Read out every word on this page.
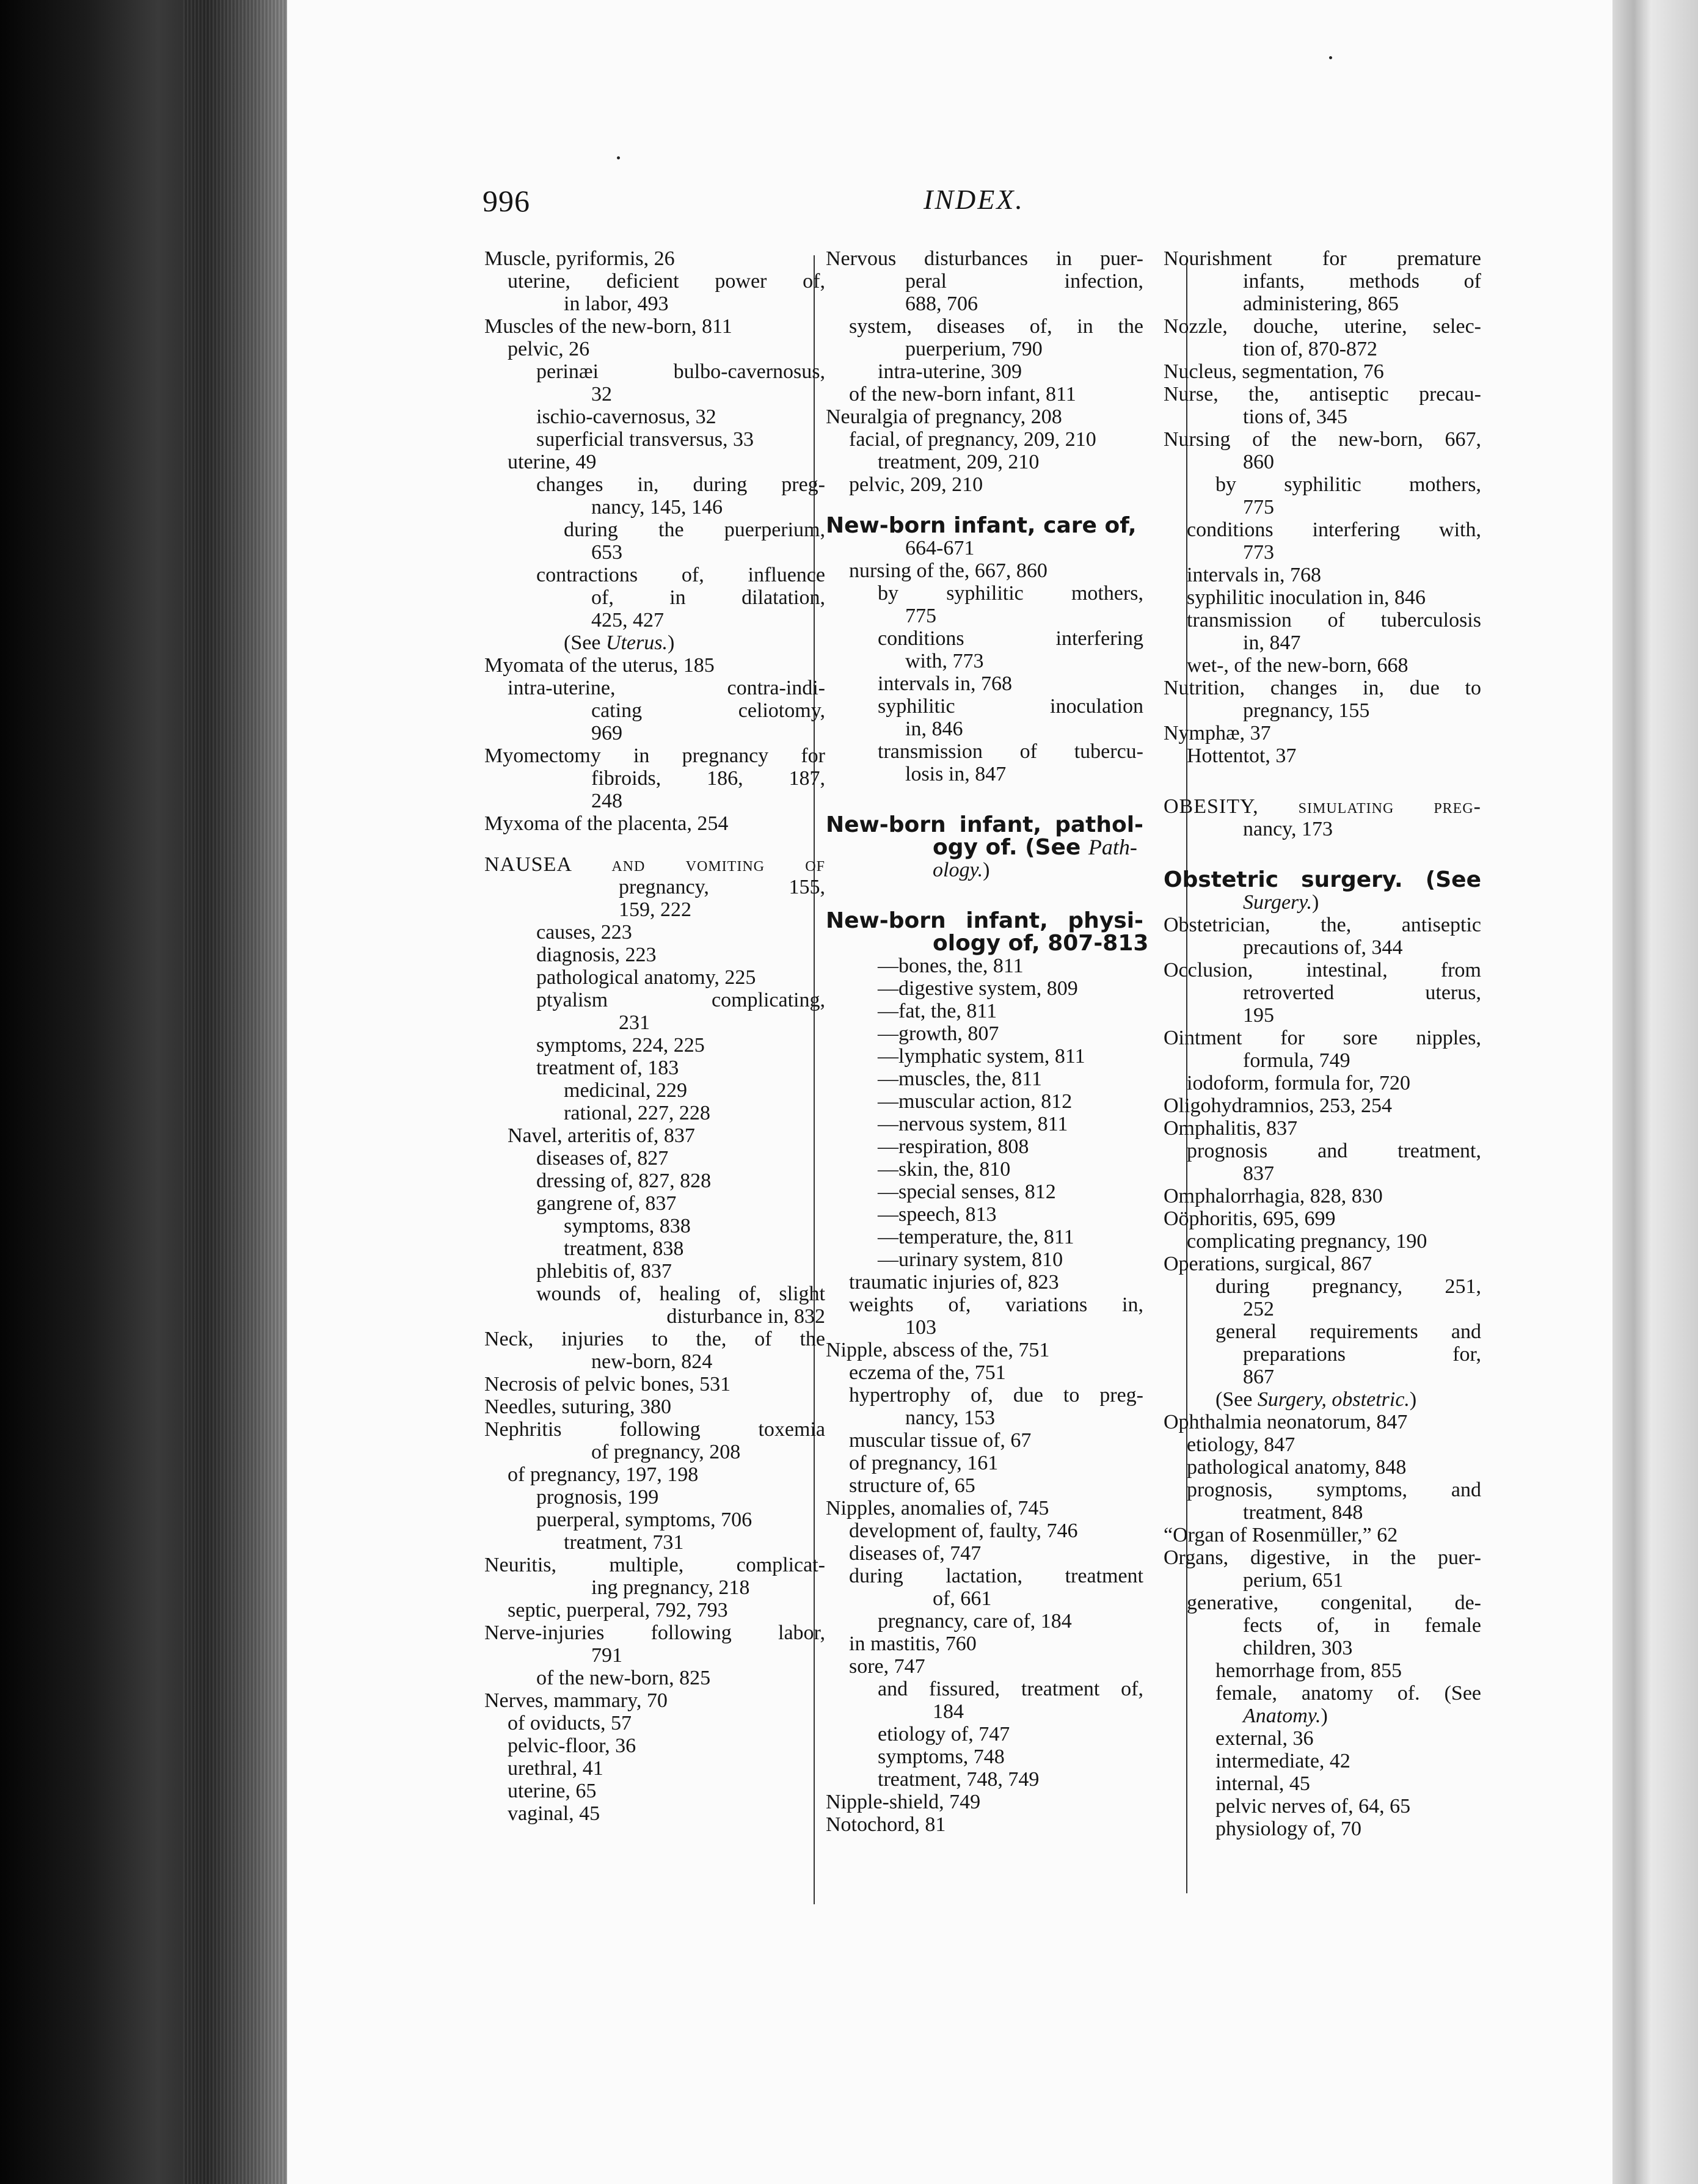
996	INDEX.
Muscle, pyriformis, 26
uterine, deficient power of,
in labor, 493
Muscles of the new-born, 811
pelvic, 26
perinæi bulbo-cavernosus,
32
ischio-cavernosus, 32
superficial transversus, 33
uterine, 49
changes in, during preg-
nancy, 145, 146
during the puerperium,
653
contractions of, influence
of, in dilatation,
425, 427
(See Uterus.)
Myomata of the uterus, 185
intra-uterine, contra-indi-
cating celiotomy,
969
Myomectomy in pregnancy for
fibroids, 186, 187,
248
Myxoma of the placenta, 254
NAUSEA and vomiting of
pregnancy, 155,
159, 222
causes, 223
diagnosis, 223
pathological anatomy, 225
ptyalism complicating,
231
symptoms, 224, 225
treatment of, 183
medicinal, 229
rational, 227, 228
Navel, arteritis of, 837
diseases of, 827
dressing of, 827, 828
gangrene of, 837
symptoms, 838
treatment, 838
phlebitis of, 837
wounds of, healing of, slight
disturbance in, 832
Neck, injuries to the, of the
new-born, 824
Necrosis of pelvic bones, 531
Needles, suturing, 380
Nephritis following toxemia
of pregnancy, 208
of pregnancy, 197, 198
prognosis, 199
puerperal, symptoms, 706
treatment, 731
Neuritis, multiple, complicat-
ing pregnancy, 218
septic, puerperal, 792, 793
Nerve-injuries following labor,
791
of the new-born, 825
Nerves, mammary, 70
of oviducts, 57
pelvic-floor, 36
urethral, 41
uterine, 65
vaginal, 45
Nervous disturbances in puer-
peral infection,
688, 706
system, diseases of, in the
puerperium, 790
intra-uterine, 309
of the new-born infant, 811
Neuralgia of pregnancy, 208
facial, of pregnancy, 209, 210
treatment, 209, 210
pelvic, 209, 210
New-born infant, care of,
664-671
nursing of the, 667, 860
by syphilitic mothers,
775
conditions interfering
with, 773
intervals in, 768
syphilitic inoculation
in, 846
transmission of tubercu-
losis in, 847
New-born infant, pathol-
ogy of. (See Path-
ology.)
New-born infant, physi-
ology of, 807-813
—bones, the, 811
—digestive system, 809
—fat, the, 811
—growth, 807
—lymphatic system, 811
—muscles, the, 811
—muscular action, 812
—nervous system, 811
—respiration, 808
—skin, the, 810
—special senses, 812
—speech, 813
—temperature, the, 811
—urinary system, 810
traumatic injuries of, 823
weights of, variations in,
103
Nipple, abscess of the, 751
eczema of the, 751
hypertrophy of, due to preg-
nancy, 153
muscular tissue of, 67
of pregnancy, 161
structure of, 65
Nipples, anomalies of, 745
development of, faulty, 746
diseases of, 747
during lactation, treatment
of, 661
pregnancy, care of, 184
in mastitis, 760
sore, 747
and fissured, treatment of,
184
etiology of, 747
symptoms, 748
treatment, 748, 749
Nipple-shield, 749
Notochord, 81
Nourishment for premature
infants, methods of
administering, 865
Nozzle, douche, uterine, selec-
tion of, 870-872
Nucleus, segmentation, 76
Nurse, the, antiseptic precau-
tions of, 345
Nursing of the new-born, 667,
860
by syphilitic mothers,
775
conditions interfering with,
773
intervals in, 768
syphilitic inoculation in, 846
transmission of tuberculosis
in, 847
wet-, of the new-born, 668
Nutrition, changes in, due to
pregnancy, 155
Nymphæ, 37
Hottentot, 37
OBESITY, simulating preg-
nancy, 173
Obstetric surgery. (See
Surgery.)
Obstetrician, the, antiseptic
precautions of, 344
Occlusion, intestinal, from
retroverted uterus,
195
Ointment for sore nipples,
formula, 749
iodoform, formula for, 720
Oligohydramnios, 253, 254
Omphalitis, 837
prognosis and treatment,
837
Omphalorrhagia, 828, 830
Oöphoritis, 695, 699
complicating pregnancy, 190
Operations, surgical, 867
during pregnancy, 251,
252
general requirements and
preparations for,
867
(See Surgery, obstetric.)
Ophthalmia neonatorum, 847
etiology, 847
pathological anatomy, 848
prognosis, symptoms, and
treatment, 848
“Organ of Rosenmüller,” 62
Organs, digestive, in the puer-
perium, 651
generative, congenital, de-
fects of, in female
children, 303
hemorrhage from, 855
female, anatomy of. (See
Anatomy.)
external, 36
intermediate, 42
internal, 45
pelvic nerves of, 64, 65
physiology of, 70
